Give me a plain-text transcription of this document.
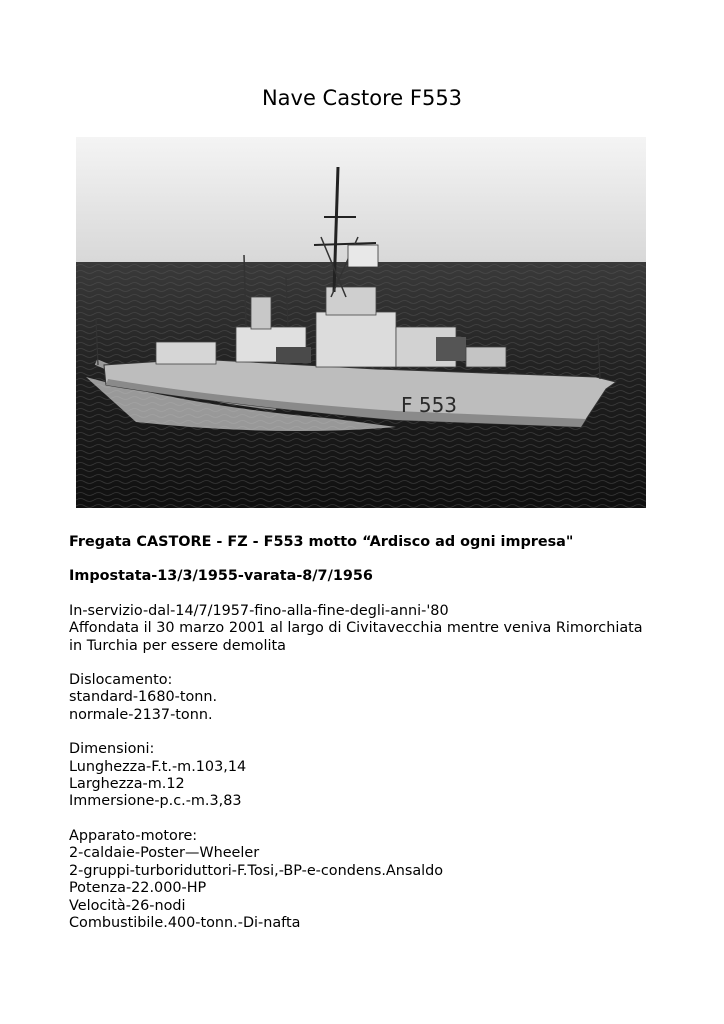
Nave Castore F553
F 553
Fregata CASTORE - FZ - F553 motto “Ardisco ad ogni impresa"
Impostata-13/3/1955-varata-8/7/1956
In-servizio-dal-14/7/1957-fino-alla-fine-degli-anni-'80
Affondata il 30 marzo 2001 al largo di Civitavecchia mentre veniva Rimorchiata
in Turchia per essere demolita
Dislocamento:
standard-1680-tonn.
normale-2137-tonn.
Dimensioni:
Lunghezza-F.t.-m.103,14
Larghezza-m.12
Immersione-p.c.-m.3,83
Apparato-motore:
2-caldaie-Poster—Wheeler
2-gruppi-turboriduttori-F.Tosi,-BP-e-condens.Ansaldo
Potenza-22.000-HP
Velocità-26-nodi
Combustibile.400-tonn.-Di-nafta
